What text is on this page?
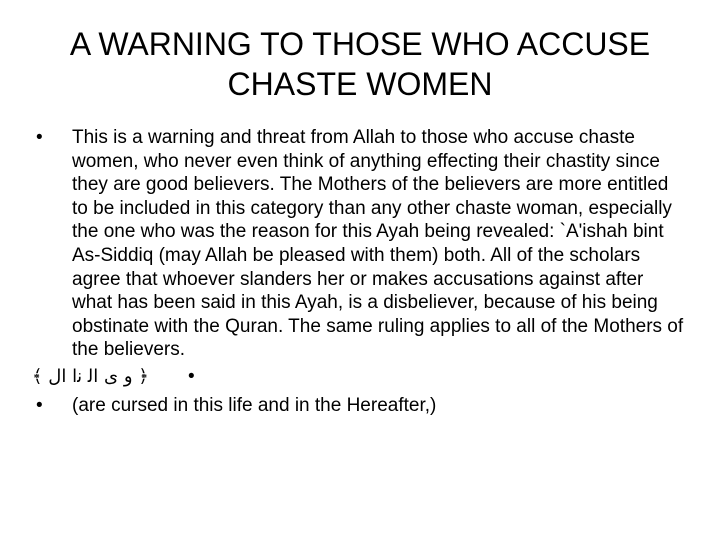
A WARNING TO THOSE WHO ACCUSE CHASTE WOMEN
•	This is a warning and threat from Allah to those who accuse chaste women, who never even think of anything effecting their chastity since they are good believers. The Mothers of the believers are more entitled to be included in this category than any other chaste woman, especially the one who was the reason for this Ayah being revealed: `A'ishah bint As-Siddiq (may Allah be pleased with them) both. All of the scholars agree that whoever slanders her or makes accusations against after what has been said in this Ayah, is a disbeliever, because of his being obstinate with the Quran. The same ruling applies to all of the Mothers of the believers.
﴿ ﻭ ﻯ ﺍﻟ ﻧﺍ ﺍﻝ ﴾ •
•	(are cursed in this life and in the Hereafter,)
